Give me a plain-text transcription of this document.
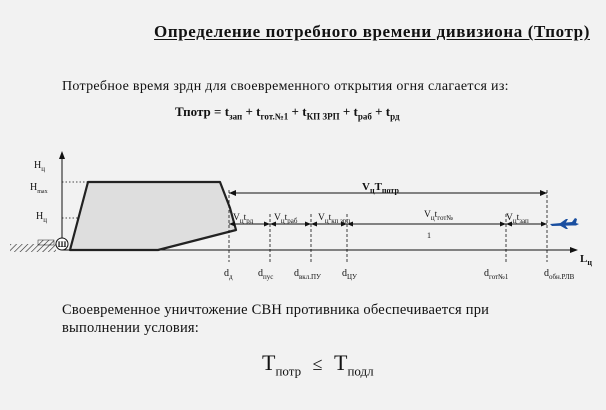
Определение потребного времени дивизиона (Тпотр)
Потребное время зрдн для своевременного открытия огня слагается из:
Тпотр = $t_{зап} + t_{гот.№1} + t_{КП ЗРП} + t_{раб} + t_{рд}$
Ш
$V_цT_{потр}$
$V_цt_{рд}$ $V_цt_{раб}$ $V_цt_{кп зрп}$
$V_цt_{гот№}$
1
$V_цt_{зап}$
$H_ц$
$H_{max}$
$H_ц$
$L_ц$
$d_д$	$d_{пус}$ $d_{вкл.ПУ}$ $d_{ЦУ}$	$d_{гот№1}$	$d_{обн.РЛВ}$
Своевременное уничтожение СВН противника обеспечивается при
выполнении условия:
$T_{потр} \le T_{подл}$
